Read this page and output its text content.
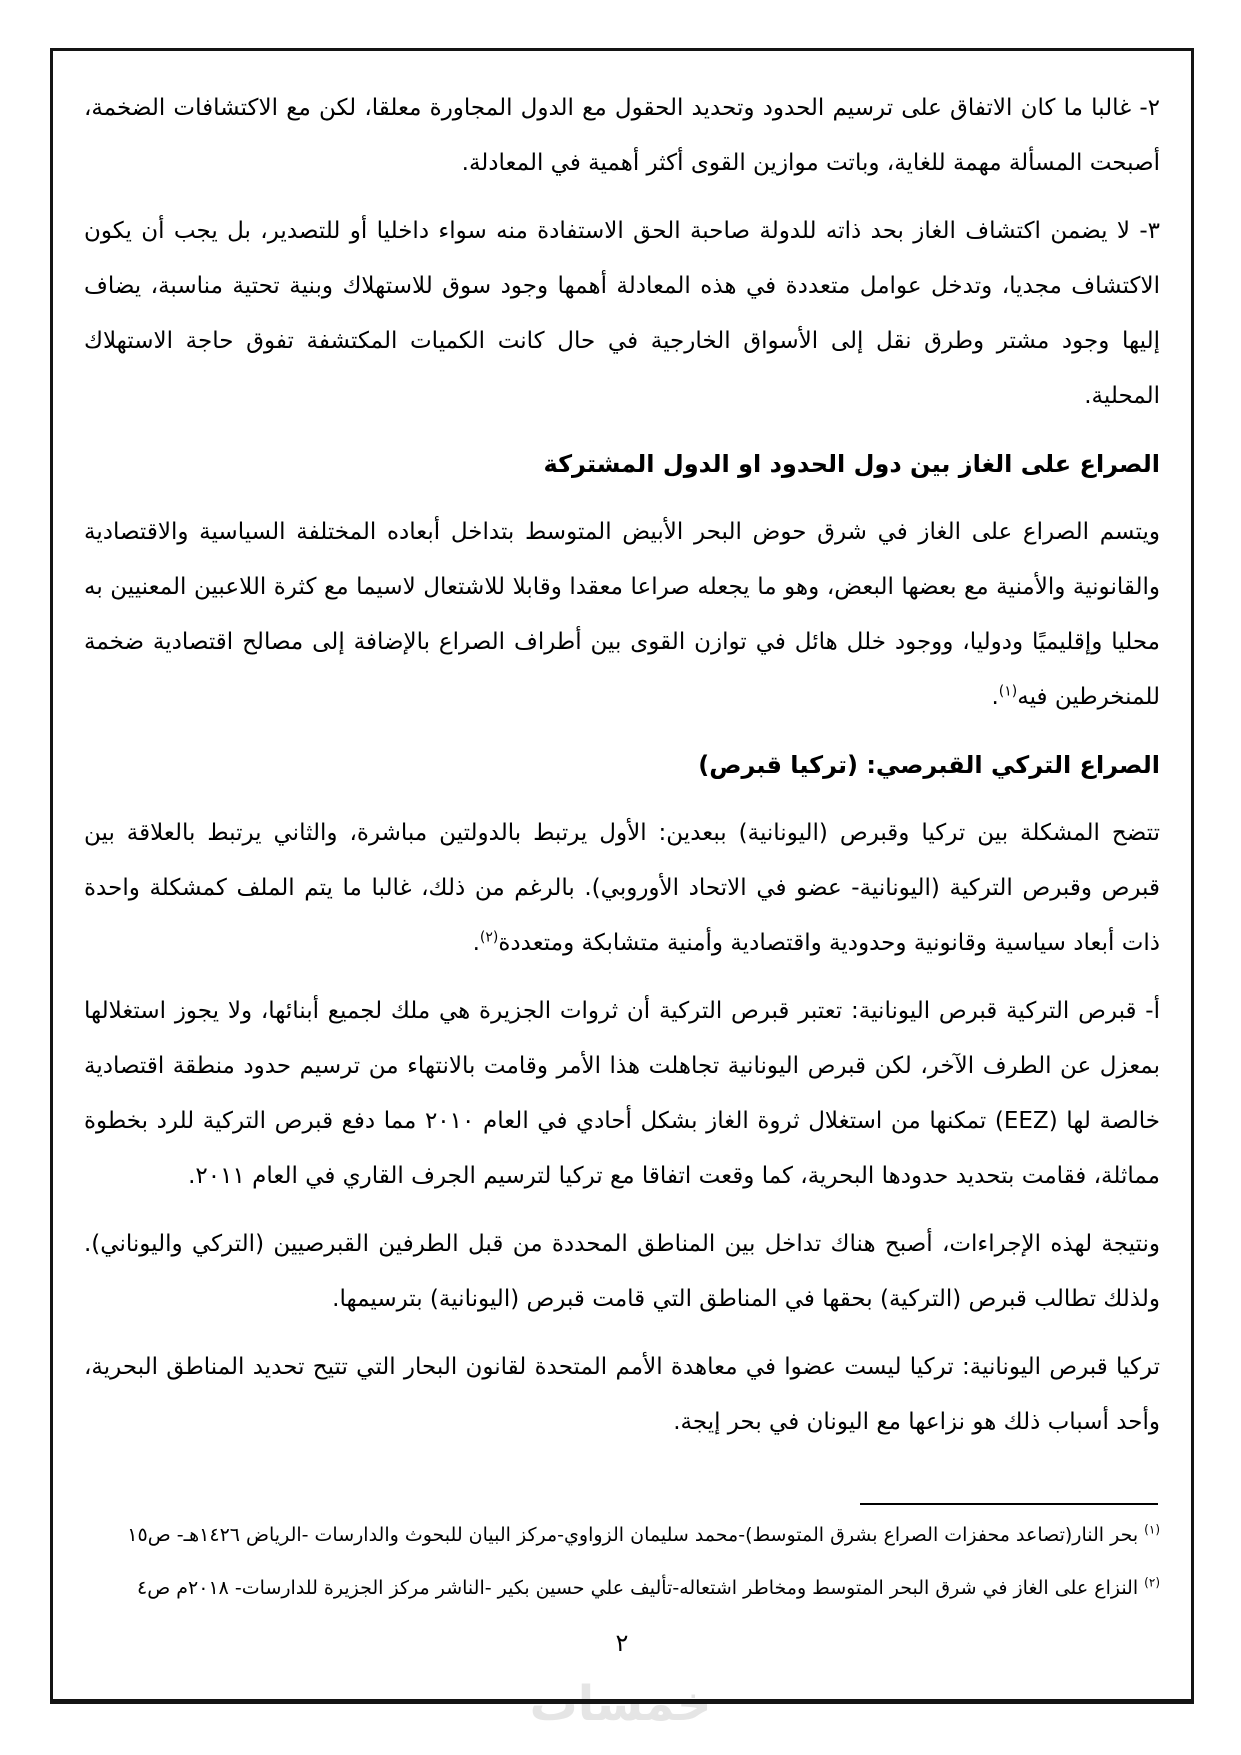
خمسات

٢- غالبا ما كان الاتفاق على ترسيم الحدود وتحديد الحقول مع الدول المجاورة معلقا، لكن مع الاكتشافات الضخمة، أصبحت المسألة مهمة للغاية، وباتت موازين القوى أكثر أهمية في المعادلة.

٣- لا يضمن اكتشاف الغاز بحد ذاته للدولة صاحبة الحق الاستفادة منه سواء داخليا أو للتصدير، بل يجب أن يكون الاكتشاف مجديا، وتدخل عوامل متعددة في هذه المعادلة أهمها وجود سوق للاستهلاك وبنية تحتية مناسبة، يضاف إليها وجود مشتر وطرق نقل إلى الأسواق الخارجية في حال كانت الكميات المكتشفة تفوق حاجة الاستهلاك المحلية.

الصراع على الغاز بين دول الحدود او الدول المشتركة

ويتسم الصراع على الغاز في شرق حوض البحر الأبيض المتوسط بتداخل أبعاده المختلفة السياسية والاقتصادية والقانونية والأمنية مع بعضها البعض، وهو ما يجعله صراعا معقدا وقابلا للاشتعال لاسيما مع كثرة اللاعبين المعنيين به محليا وإقليميًا ودوليا، ووجود خلل هائل في توازن القوى بين أطراف الصراع بالإضافة إلى مصالح اقتصادية ضخمة للمنخرطين فيه$^{(١)}$.

الصراع التركي القبرصي: (تركيا قبرص)

تتضح المشكلة بين تركيا وقبرص (اليونانية) ببعدين: الأول يرتبط بالدولتين مباشرة، والثاني يرتبط بالعلاقة بين قبرص وقبرص التركية (اليونانية- عضو في الاتحاد الأوروبي). بالرغم من ذلك، غالبا ما يتم الملف كمشكلة واحدة ذات أبعاد سياسية وقانونية وحدودية واقتصادية وأمنية متشابكة ومتعددة$^{(٢)}$.

أ- قبرص التركية قبرص اليونانية: تعتبر قبرص التركية أن ثروات الجزيرة هي ملك لجميع أبنائها، ولا يجوز استغلالها بمعزل عن الطرف الآخر، لكن قبرص اليونانية تجاهلت هذا الأمر وقامت بالانتهاء من ترسيم حدود منطقة اقتصادية خالصة لها (EEZ) تمكنها من استغلال ثروة الغاز بشكل أحادي في العام ٢٠١٠ مما دفع قبرص التركية للرد بخطوة مماثلة، فقامت بتحديد حدودها البحرية، كما وقعت اتفاقا مع تركيا لترسيم الجرف القاري في العام ٢٠١١.

ونتيجة لهذه الإجراءات، أصبح هناك تداخل بين المناطق المحددة من قبل الطرفين القبرصيين (التركي واليوناني). ولذلك تطالب قبرص (التركية) بحقها في المناطق التي قامت قبرص (اليونانية) بترسيمها.

تركيا قبرص اليونانية: تركيا ليست عضوا في معاهدة الأمم المتحدة لقانون البحار التي تتيح تحديد المناطق البحرية، وأحد أسباب ذلك هو نزاعها مع اليونان في بحر إيجة.

$^{(١)}$ بحر النار(تصاعد محفزات الصراع بشرق المتوسط)-محمد سليمان الزواوي-مركز البيان للبحوث والدارسات -الرياض ١٤٢٦هـ- ص١٥

$^{(٢)}$ النزاع على الغاز في شرق البحر المتوسط ومخاطر اشتعاله-تأليف علي حسين بكير -الناشر مركز الجزيرة للدارسات- ٢٠١٨م ص٤

٢
